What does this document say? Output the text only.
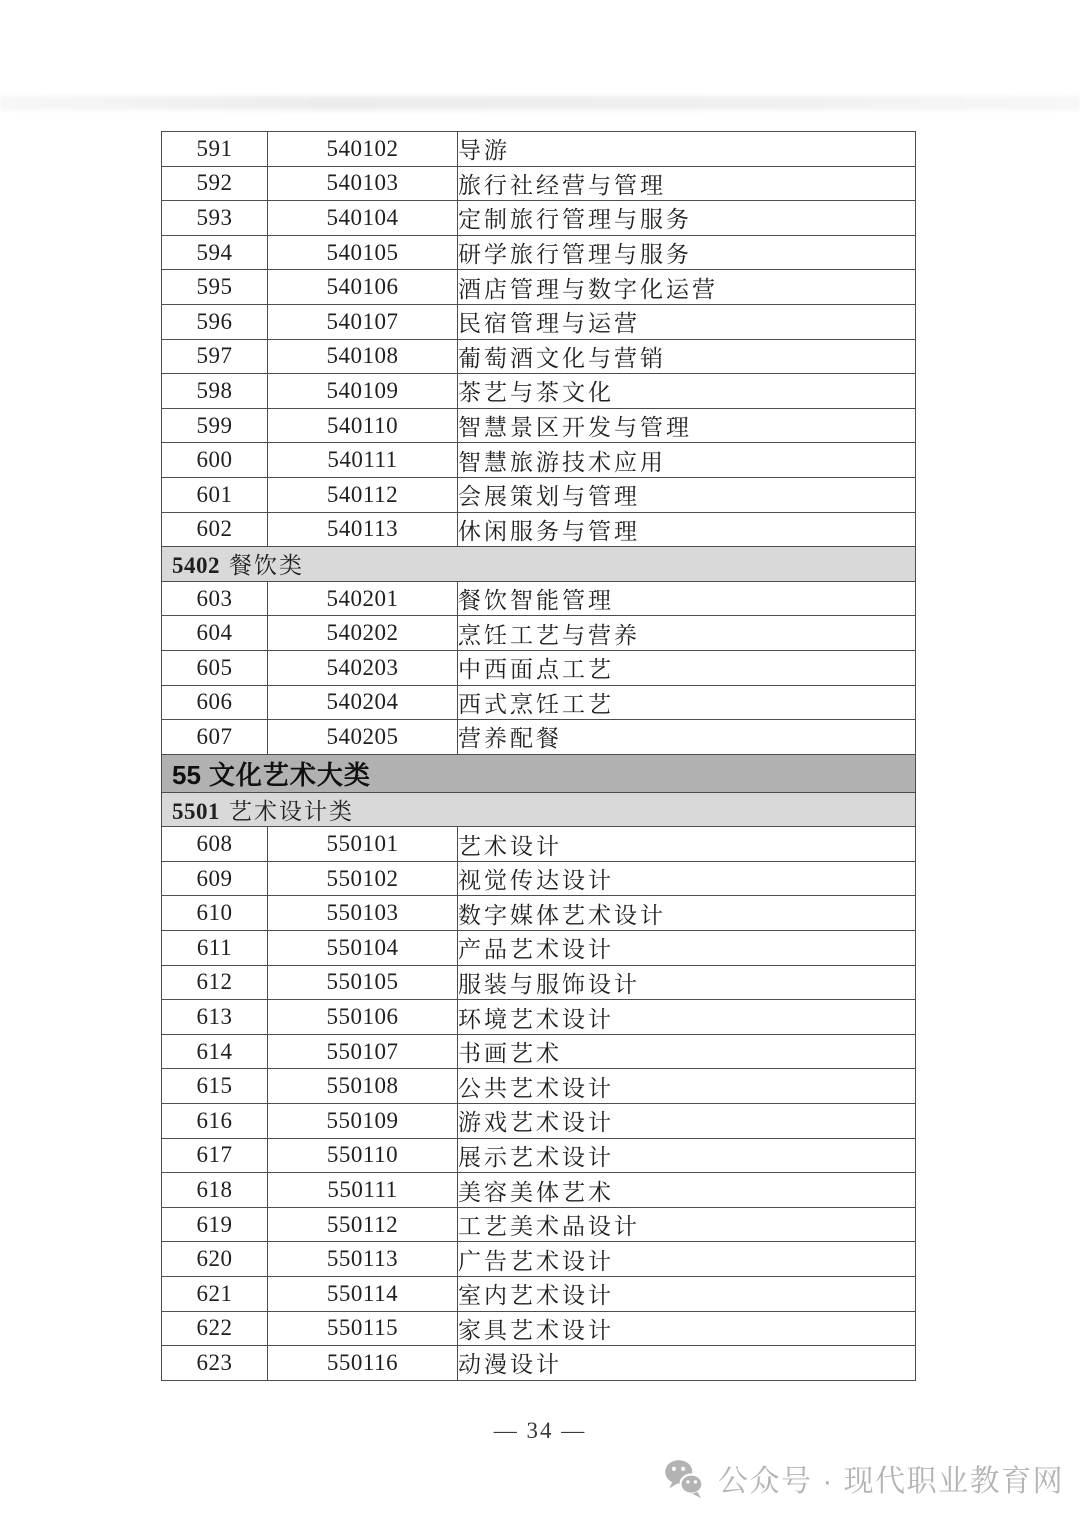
591	540102	导游
592	540103	旅行社经营与管理
593	540104	定制旅行管理与服务
594	540105	研学旅行管理与服务
595	540106	酒店管理与数字化运营
596	540107	民宿管理与运营
597	540108	葡萄酒文化与营销
598	540109	茶艺与茶文化
599	540110	智慧景区开发与管理
600	540111	智慧旅游技术应用
601	540112	会展策划与管理
602	540113	休闲服务与管理
5402 餐饮类		
603	540201	餐饮智能管理
604	540202	烹饪工艺与营养
605	540203	中西面点工艺
606	540204	西式烹饪工艺
607	540205	营养配餐
55 文化艺术大类		
5501 艺术设计类		
608	550101	艺术设计
609	550102	视觉传达设计
610	550103	数字媒体艺术设计
611	550104	产品艺术设计
612	550105	服装与服饰设计
613	550106	环境艺术设计
614	550107	书画艺术
615	550108	公共艺术设计
616	550109	游戏艺术设计
617	550110	展示艺术设计
618	550111	美容美体艺术
619	550112	工艺美术品设计
620	550113	广告艺术设计
621	550114	室内艺术设计
622	550115	家具艺术设计
623	550116	动漫设计
— 34 —
公众号 · 现代职业教育网
